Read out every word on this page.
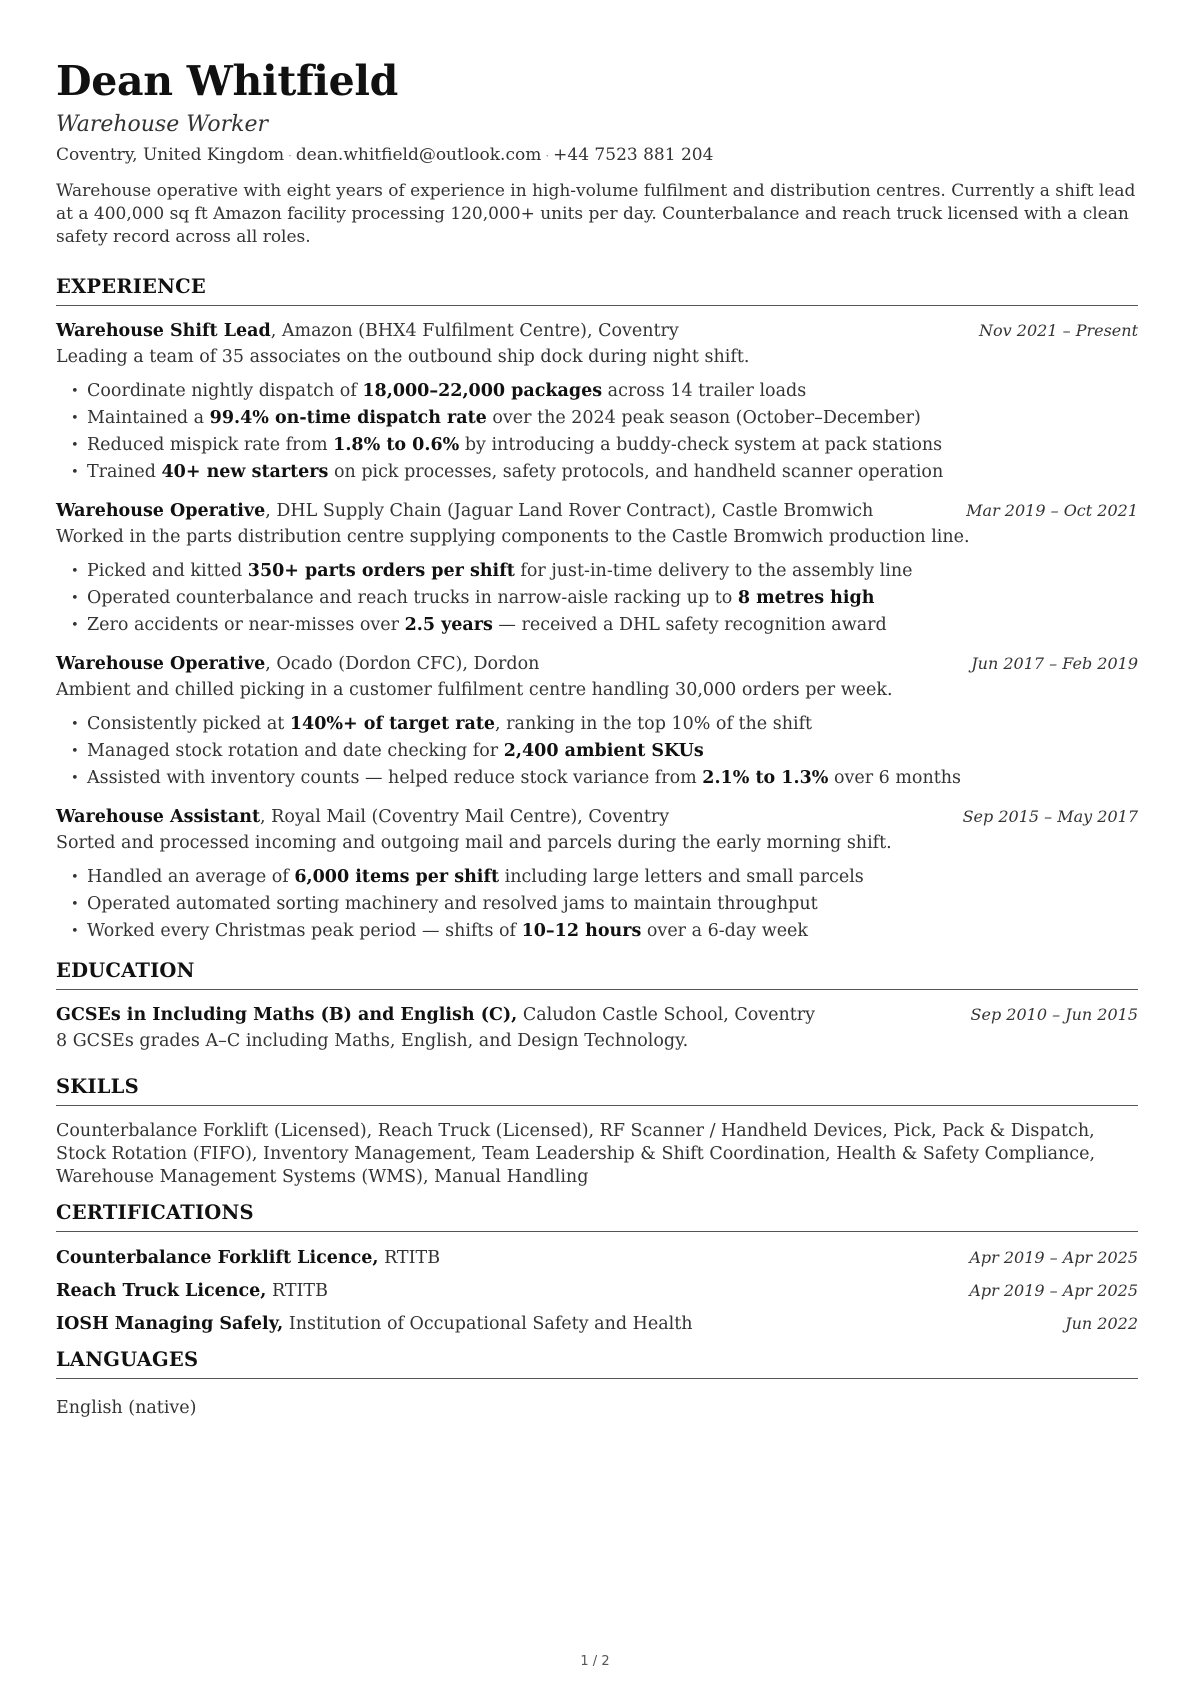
Dean Whitfield
Warehouse Worker
Coventry, United Kingdom · dean.whitfield@outlook.com · +44 7523 881 204
Warehouse operative with eight years of experience in high-volume fulfilment and distribution centres. Currently a shift lead at a 400,000 sq ft Amazon facility processing 120,000+ units per day. Counterbalance and reach truck licensed with a clean safety record across all roles.
EXPERIENCE
Warehouse Shift Lead, Amazon (BHX4 Fulfilment Centre), Coventry	Nov 2021 – Present
Leading a team of 35 associates on the outbound ship dock during night shift.
• Coordinate nightly dispatch of 18,000–22,000 packages across 14 trailer loads
• Maintained a 99.4% on-time dispatch rate over the 2024 peak season (October–December)
• Reduced mispick rate from 1.8% to 0.6% by introducing a buddy-check system at pack stations
• Trained 40+ new starters on pick processes, safety protocols, and handheld scanner operation
Warehouse Operative, DHL Supply Chain (Jaguar Land Rover Contract), Castle Bromwich	Mar 2019 – Oct 2021
Worked in the parts distribution centre supplying components to the Castle Bromwich production line.
• Picked and kitted 350+ parts orders per shift for just-in-time delivery to the assembly line
• Operated counterbalance and reach trucks in narrow-aisle racking up to 8 metres high
• Zero accidents or near-misses over 2.5 years — received a DHL safety recognition award
Warehouse Operative, Ocado (Dordon CFC), Dordon	Jun 2017 – Feb 2019
Ambient and chilled picking in a customer fulfilment centre handling 30,000 orders per week.
• Consistently picked at 140%+ of target rate, ranking in the top 10% of the shift
• Managed stock rotation and date checking for 2,400 ambient SKUs
• Assisted with inventory counts — helped reduce stock variance from 2.1% to 1.3% over 6 months
Warehouse Assistant, Royal Mail (Coventry Mail Centre), Coventry	Sep 2015 – May 2017
Sorted and processed incoming and outgoing mail and parcels during the early morning shift.
• Handled an average of 6,000 items per shift including large letters and small parcels
• Operated automated sorting machinery and resolved jams to maintain throughput
• Worked every Christmas peak period — shifts of 10–12 hours over a 6-day week
EDUCATION
GCSEs in Including Maths (B) and English (C), Caludon Castle School, Coventry	Sep 2010 – Jun 2015
8 GCSEs grades A–C including Maths, English, and Design Technology.
SKILLS
Counterbalance Forklift (Licensed), Reach Truck (Licensed), RF Scanner / Handheld Devices, Pick, Pack & Dispatch, Stock Rotation (FIFO), Inventory Management, Team Leadership & Shift Coordination, Health & Safety Compliance, Warehouse Management Systems (WMS), Manual Handling
CERTIFICATIONS
Counterbalance Forklift Licence, RTITB	Apr 2019 – Apr 2025
Reach Truck Licence, RTITB	Apr 2019 – Apr 2025
IOSH Managing Safely, Institution of Occupational Safety and Health	Jun 2022
LANGUAGES
English (native)
1 / 2
